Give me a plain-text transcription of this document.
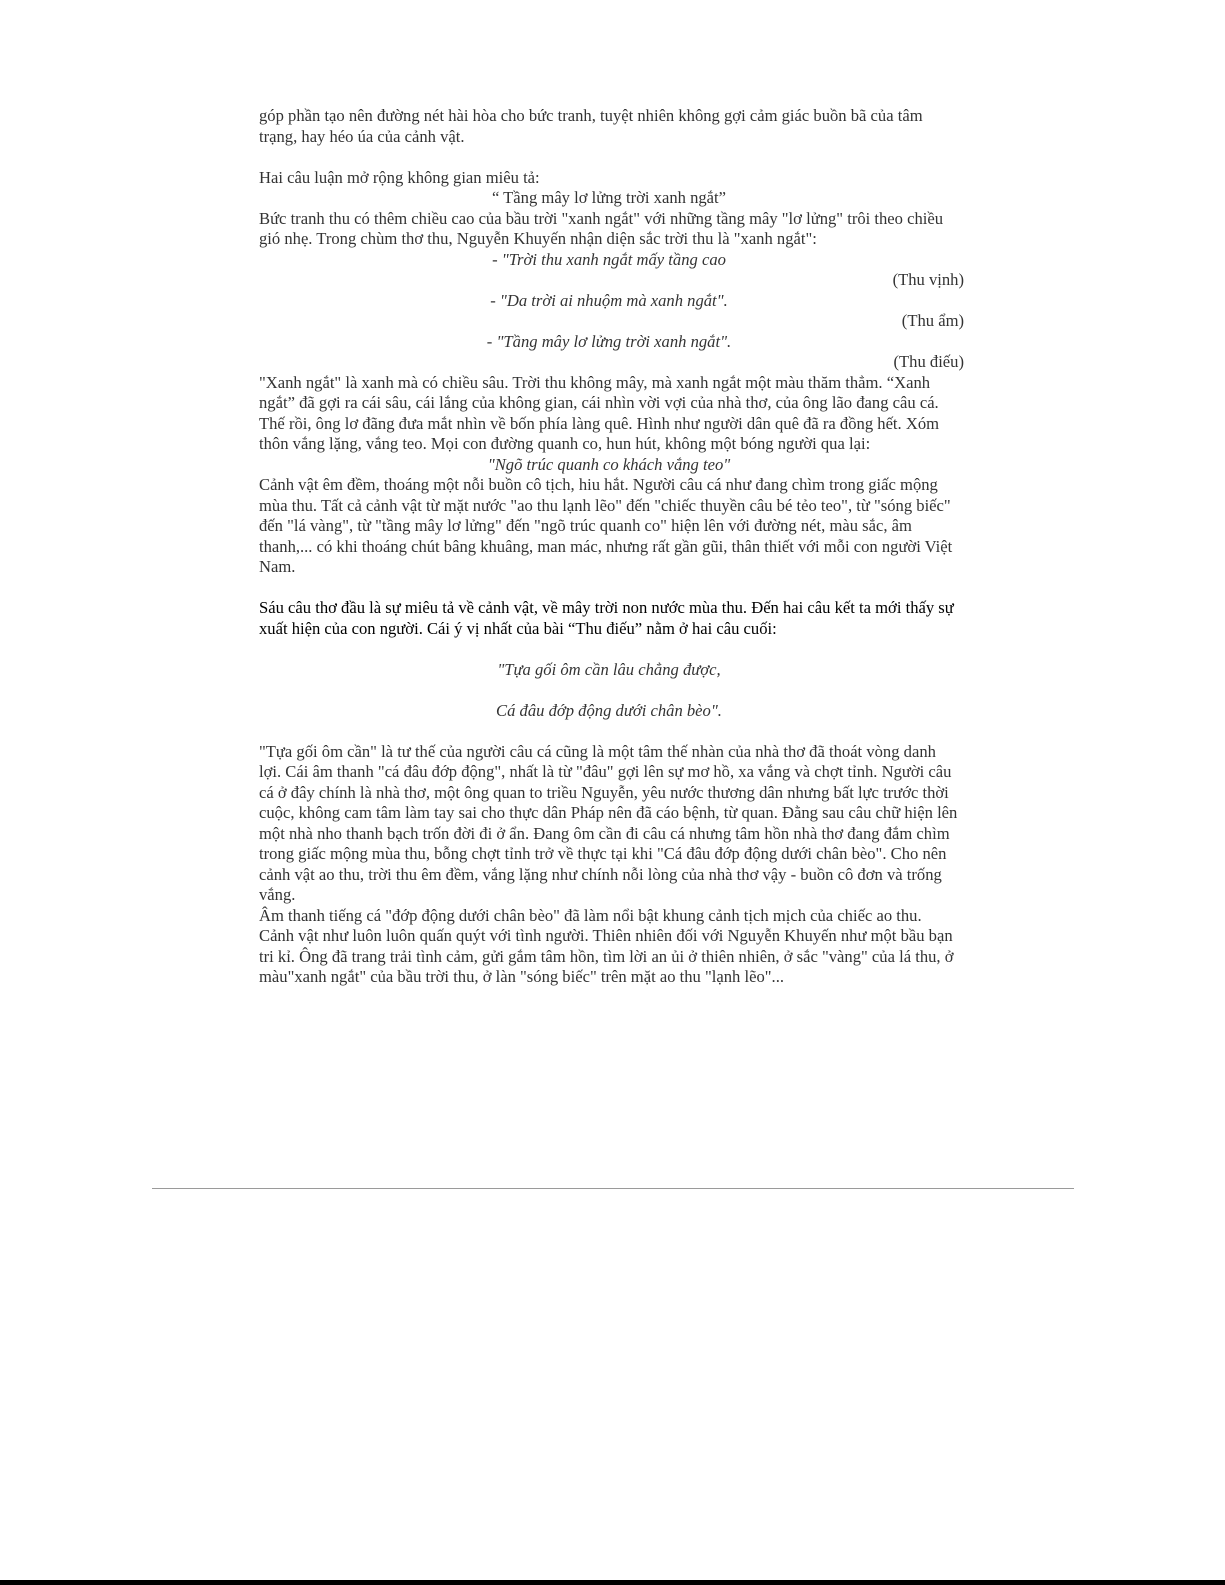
góp phần tạo nên đường nét hài hòa cho bức tranh, tuyệt nhiên không gợi cảm giác buồn bã của tâm trạng, hay héo úa của cảnh vật.

Hai câu luận mở rộng không gian miêu tả:

“ Tầng mây lơ lửng trời xanh ngắt”

Bức tranh thu có thêm chiều cao của bầu trời "xanh ngắt" với những tầng mây "lơ lửng" trôi theo chiều gió nhẹ. Trong chùm thơ thu, Nguyễn Khuyến nhận diện sắc trời thu là "xanh ngắt":

- "Trời thu xanh ngắt mấy tầng cao

(Thu vịnh)

- "Da trời ai nhuộm mà xanh ngắt".

(Thu ẩm)

- "Tầng mây lơ lửng trời xanh ngắt".

(Thu điếu)

"Xanh ngắt" là xanh mà có chiều sâu. Trời thu không mây, mà xanh ngắt một màu thăm thẳm. “Xanh ngắt” đã gợi ra cái sâu, cái lắng của không gian, cái nhìn vời vợi của nhà thơ, của ông lão đang câu cá. Thế rồi, ông lơ đãng đưa mắt nhìn về bốn phía làng quê. Hình như người dân quê đã ra đồng hết. Xóm thôn vắng lặng, vắng teo. Mọi con đường quanh co, hun hút, không một bóng người qua lại:

"Ngõ trúc quanh co khách vắng teo"

Cảnh vật êm đềm, thoáng một nỗi buồn cô tịch, hiu hắt. Người câu cá như đang chìm trong giấc mộng mùa thu. Tất cả cảnh vật từ mặt nước "ao thu lạnh lẽo" đến "chiếc thuyền câu bé tẻo teo", từ "sóng biếc" đến "lá vàng", từ "tầng mây lơ lửng" đến "ngõ trúc quanh co" hiện lên với đường nét, màu sắc, âm thanh,... có khi thoáng chút bâng khuâng, man mác, nhưng rất gần gũi, thân thiết với mỗi con người Việt Nam.

Sáu câu thơ đầu là sự miêu tả về cảnh vật, về mây trời non nước mùa thu. Đến hai câu kết ta mới thấy sự xuất hiện của con người. Cái ý vị nhất của bài “Thu điếu” nằm ở hai câu cuối:

"Tựa gối ôm cần lâu chẳng được,

Cá đâu đớp động dưới chân bèo".

"Tựa gối ôm cần" là tư thế của người câu cá cũng là một tâm thế nhàn của nhà thơ đã thoát vòng danh lợi. Cái âm thanh "cá đâu đớp động", nhất là từ "đâu" gợi lên sự mơ hồ, xa vắng và chợt tỉnh. Người câu cá ở đây chính là nhà thơ, một ông quan to triều Nguyễn, yêu nước thương dân nhưng bất lực trước thời cuộc, không cam tâm làm tay sai cho thực dân Pháp nên đã cáo bệnh, từ quan. Đằng sau câu chữ hiện lên một nhà nho thanh bạch trốn đời đi ở ẩn. Đang ôm cần đi câu cá nhưng tâm hồn nhà thơ đang đắm chìm trong giấc mộng mùa thu, bỗng chợt tỉnh trở về thực tại khi "Cá đâu đớp động dưới chân bèo". Cho nên cảnh vật ao thu, trời thu êm đềm, vắng lặng như chính nỗi lòng của nhà thơ vậy - buồn cô đơn và trống vắng.

Âm thanh tiếng cá "đớp động dưới chân bèo" đã làm nổi bật khung cảnh tịch mịch của chiếc ao thu. Cảnh vật như luôn luôn quấn quýt với tình người. Thiên nhiên đối với Nguyễn Khuyến như một bầu bạn tri kỉ. Ông đã trang trải tình cảm, gửi gắm tâm hồn, tìm lời an ủi ở thiên nhiên, ở sắc "vàng" của lá thu, ở màu"xanh ngắt" của bầu trời thu, ở làn "sóng biếc" trên mặt ao thu "lạnh lẽo"...
